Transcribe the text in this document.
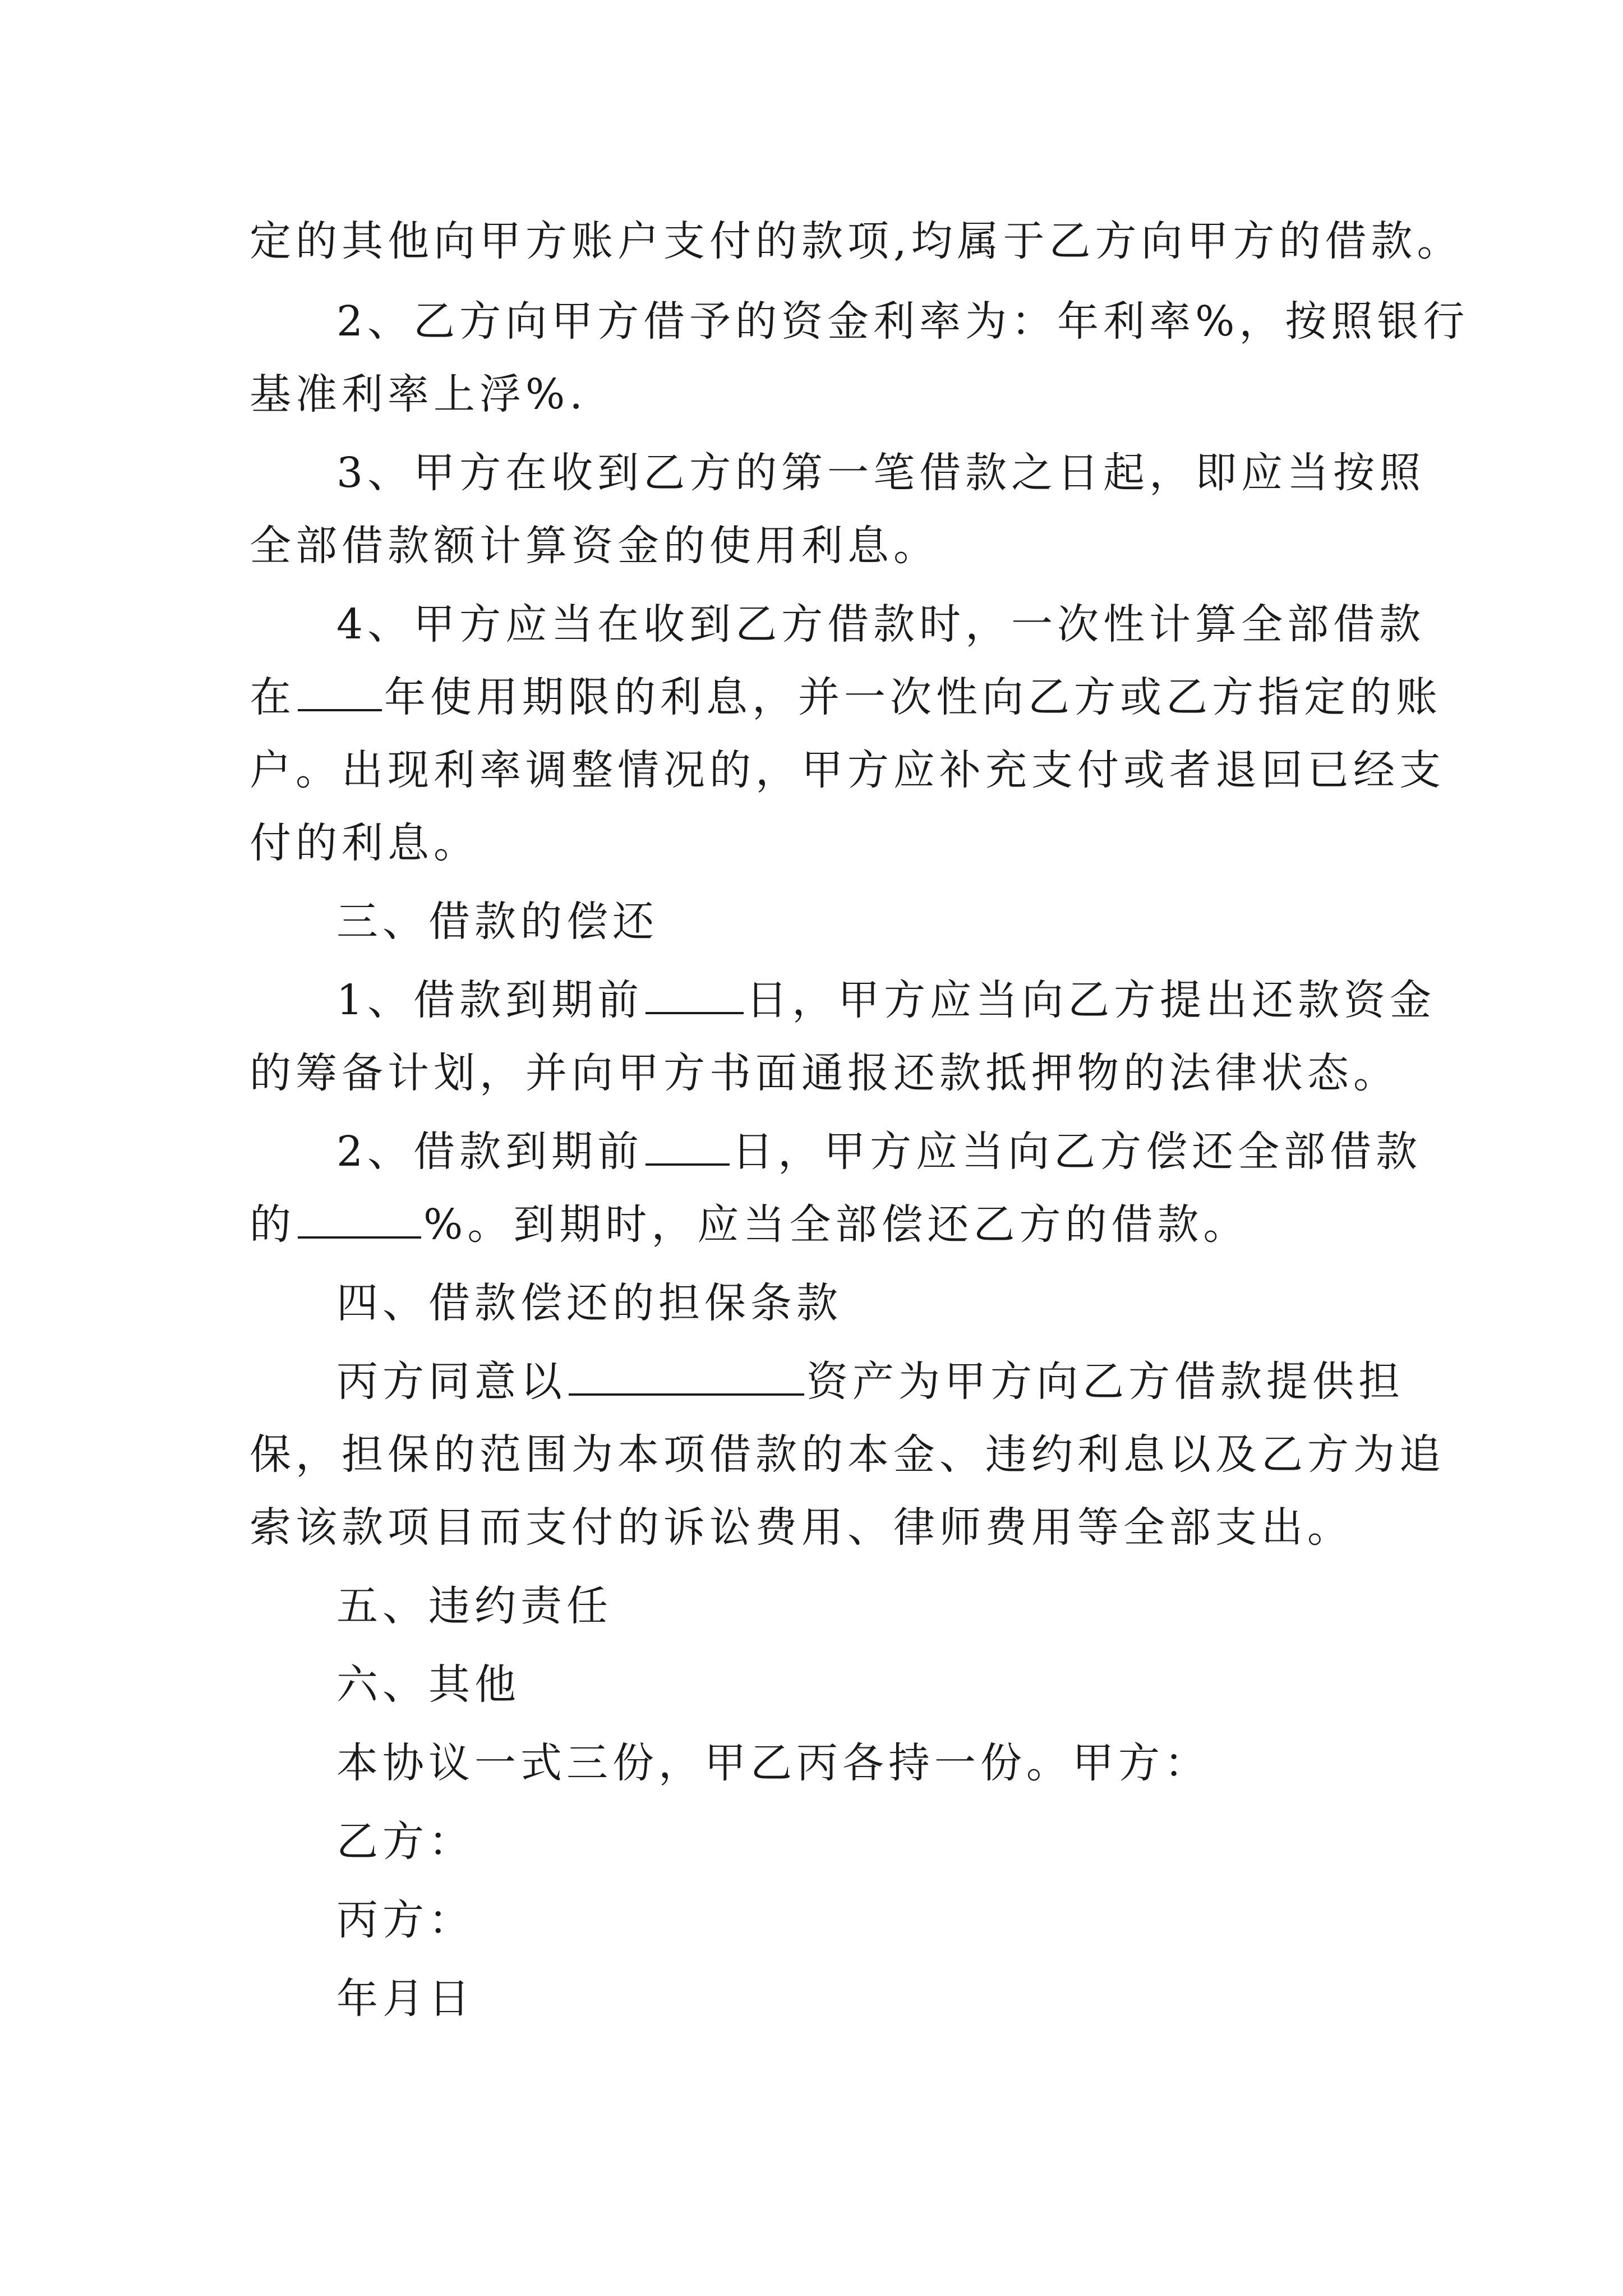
定的其他向甲方账户支付的款项,均属于乙方向甲方的借款。
2、乙方向甲方借予的资金利率为：年利率%，按照银行
基准利率上浮%.
3、甲方在收到乙方的第一笔借款之日起，即应当按照
全部借款额计算资金的使用利息。
4、甲方应当在收到乙方借款时，一次性计算全部借款
在 年使用期限的利息，并一次性向乙方或乙方指定的账
户。出现利率调整情况的，甲方应补充支付或者退回已经支
付的利息。
三、借款的偿还
1、借款到期前 日，甲方应当向乙方提出还款资金
的筹备计划，并向甲方书面通报还款抵押物的法律状态。
2、借款到期前 日，甲方应当向乙方偿还全部借款
的	%。到期时，应当全部偿还乙方的借款。
四、借款偿还的担保条款
丙方同意以	资产为甲方向乙方借款提供担
保，担保的范围为本项借款的本金、违约利息以及乙方为追
索该款项目而支付的诉讼费用、律师费用等全部支出。
五、违约责任
六、其他
本协议一式三份，甲乙丙各持一份。甲方：
乙方：
丙方：
年月日
